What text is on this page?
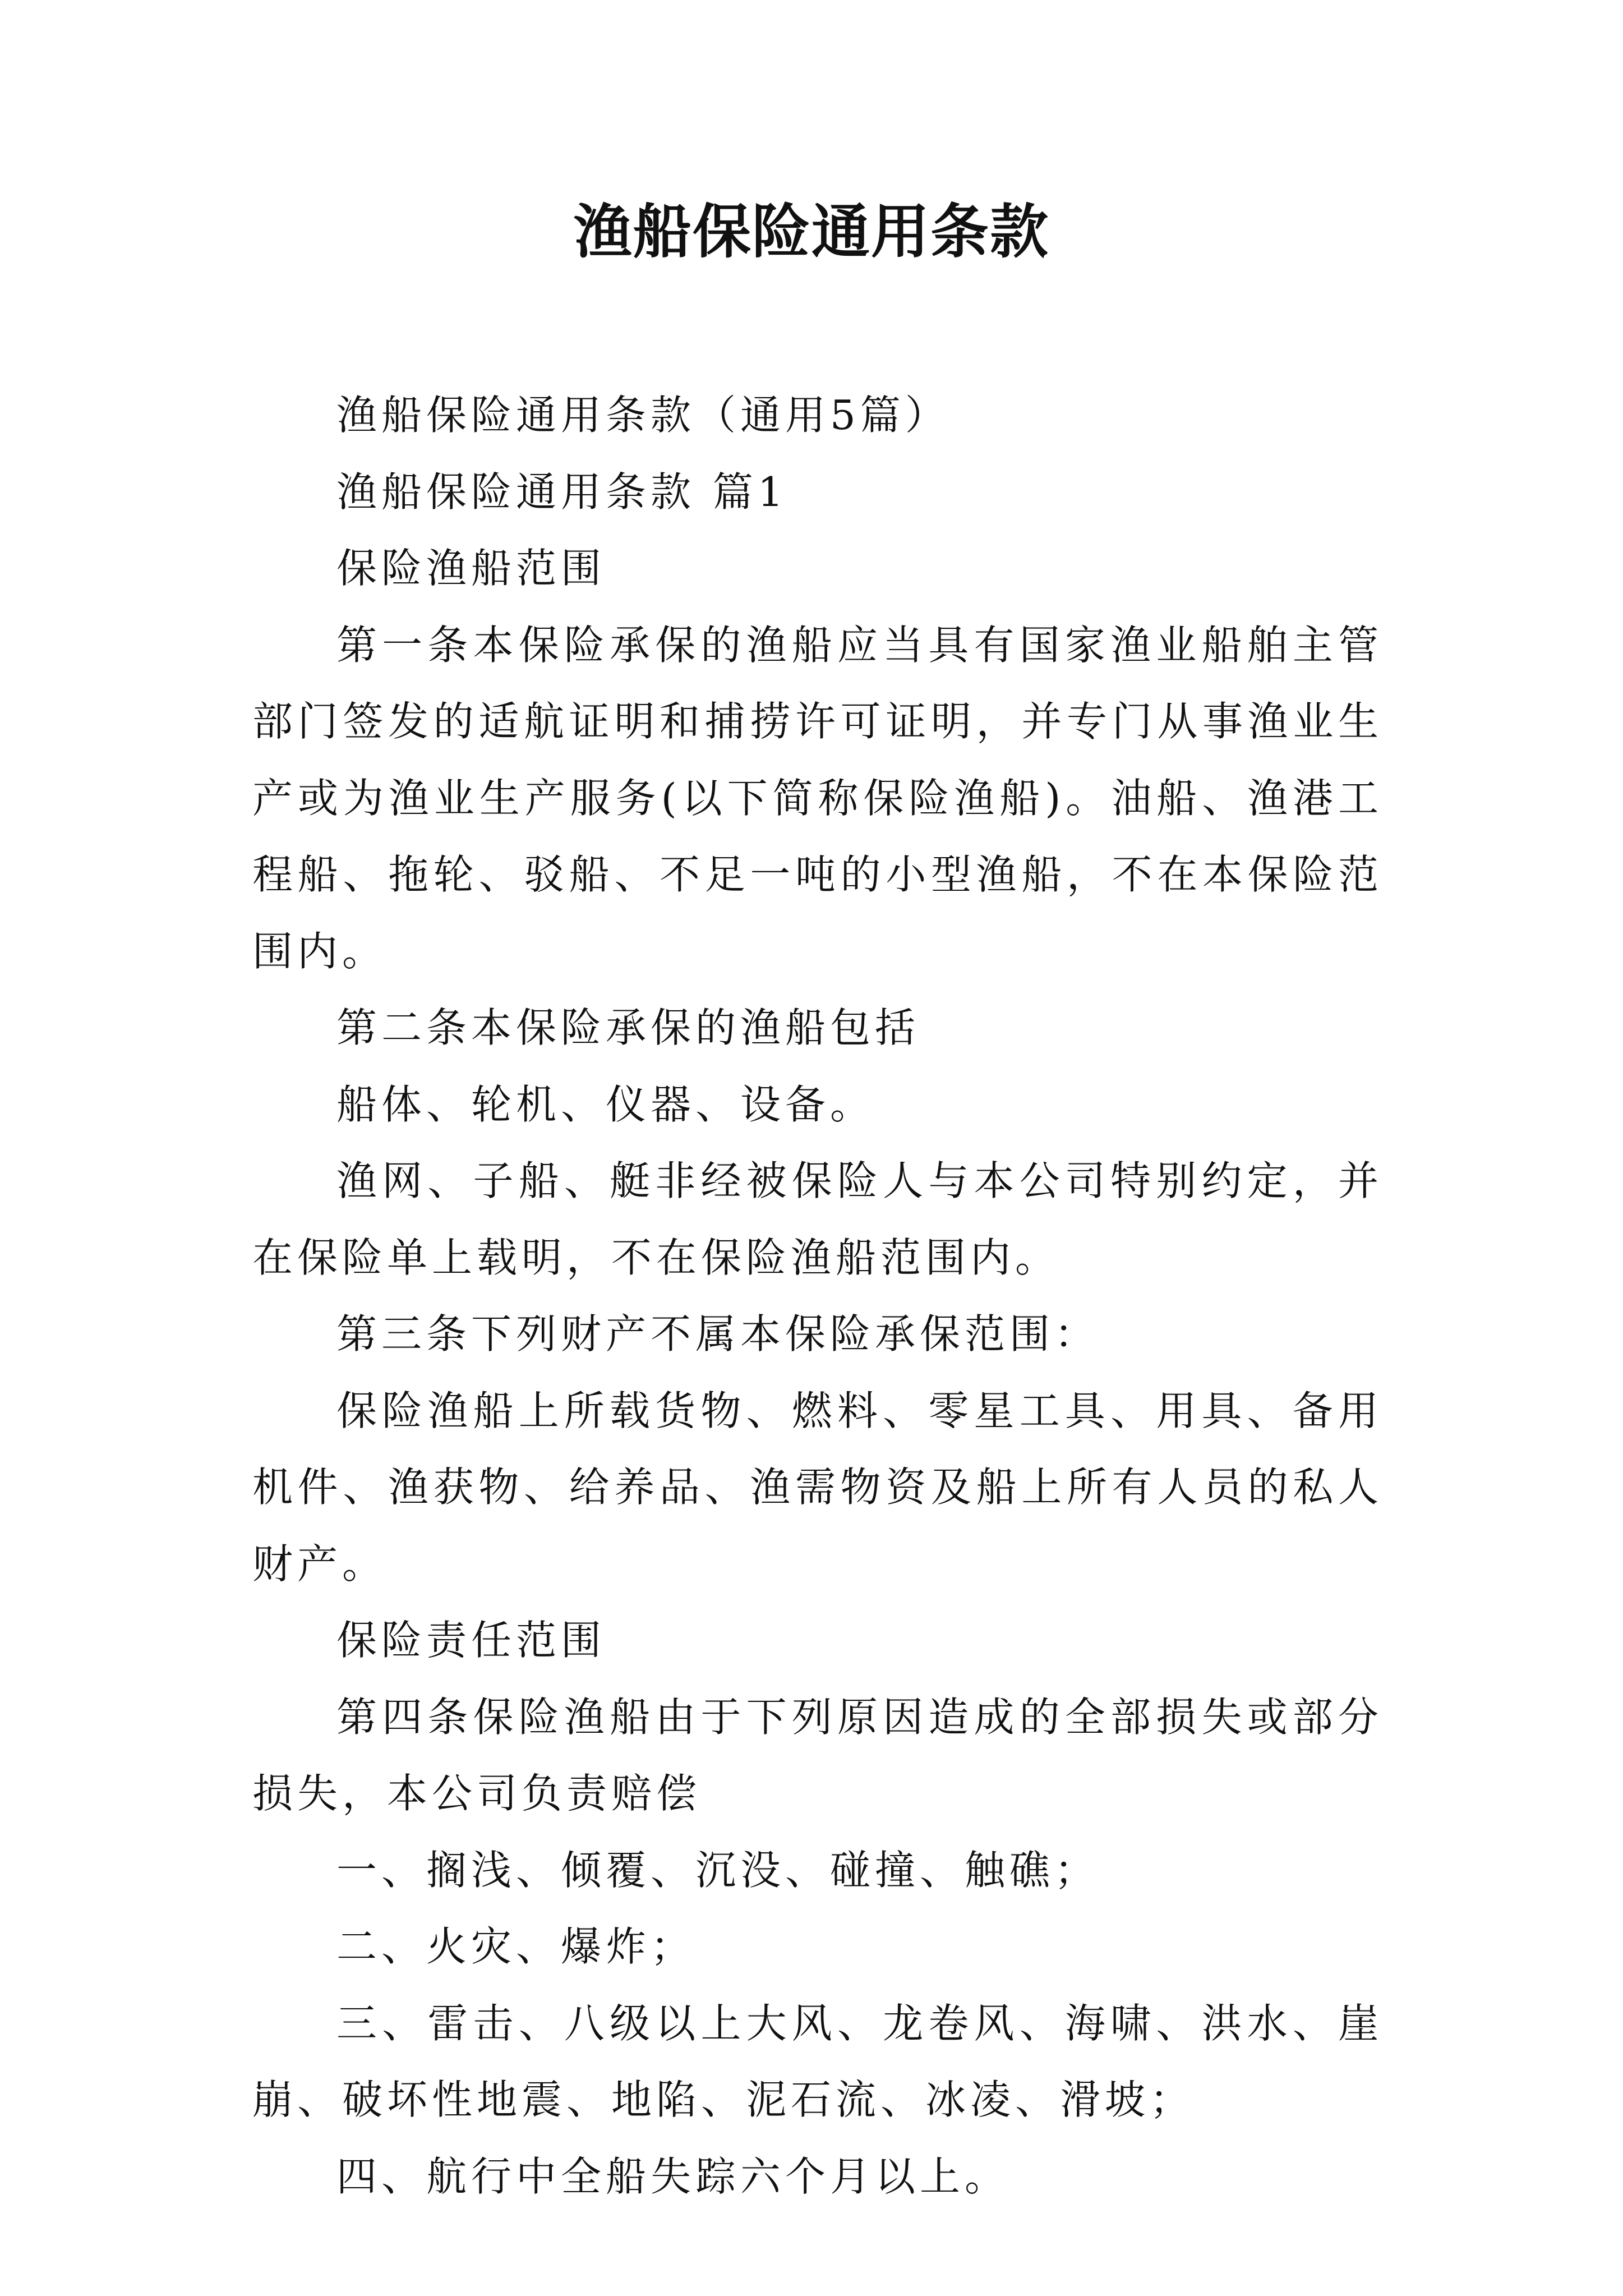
渔船保险通用条款

渔船保险通用条款（通用5篇）

渔船保险通用条款 篇1

保险渔船范围

第一条本保险承保的渔船应当具有国家渔业船舶主管部门签发的适航证明和捕捞许可证明，并专门从事渔业生产或为渔业生产服务(以下简称保险渔船)。油船、渔港工程船、拖轮、驳船、不足一吨的小型渔船，不在本保险范围内。

第二条本保险承保的渔船包括

船体、轮机、仪器、设备。

渔网、子船、艇非经被保险人与本公司特别约定，并在保险单上载明，不在保险渔船范围内。

第三条下列财产不属本保险承保范围：

保险渔船上所载货物、燃料、零星工具、用具、备用机件、渔获物、给养品、渔需物资及船上所有人员的私人财产。

保险责任范围

第四条保险渔船由于下列原因造成的全部损失或部分损失，本公司负责赔偿

一、搁浅、倾覆、沉没、碰撞、触礁；

二、火灾、爆炸；

三、雷击、八级以上大风、龙卷风、海啸、洪水、崖崩、破坏性地震、地陷、泥石流、冰凌、滑坡；

四、航行中全船失踪六个月以上。
